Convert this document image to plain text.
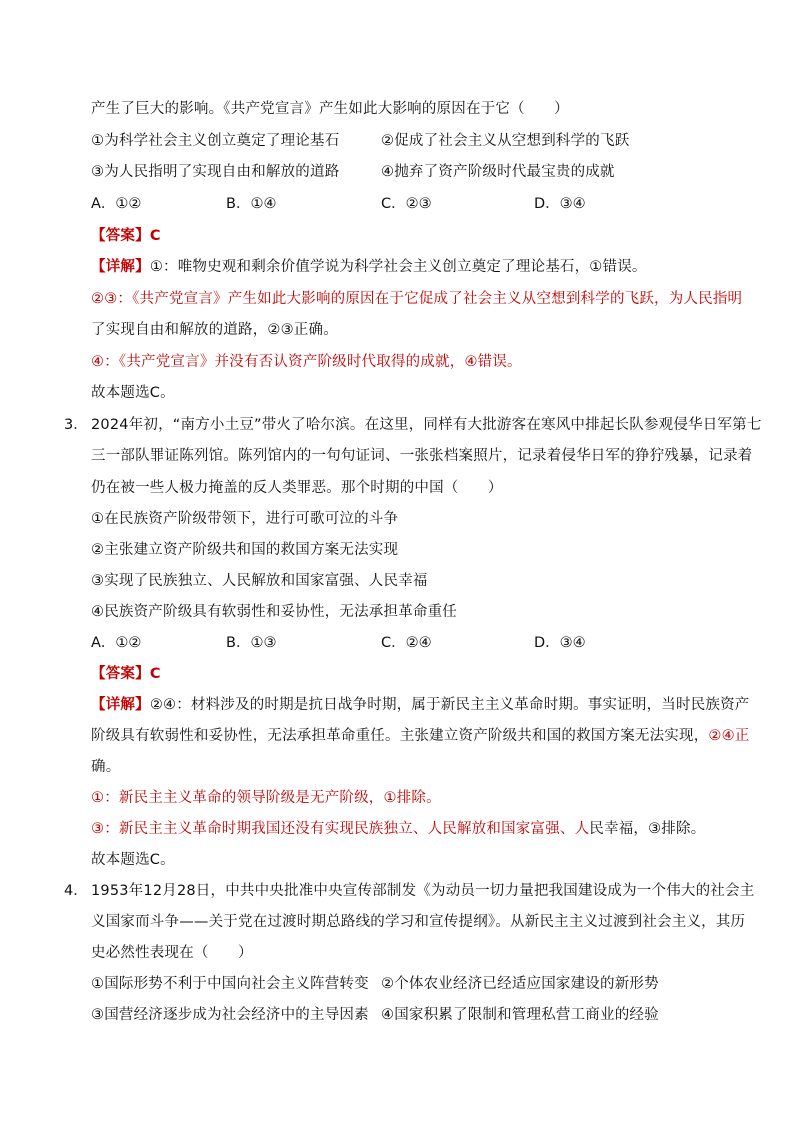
产生了巨大的影响。《共产党宣言》产生如此大影响的原因在于它（　　）
①为科学社会主义创立奠定了理论基石	②促成了社会主义从空想到科学的飞跃
③为人民指明了实现自由和解放的道路	④抛弃了资产阶级时代最宝贵的成就
A．①②	B．①④	C．②③	D．③④
【答案】C
【详解】①：唯物史观和剩余价值学说为科学社会主义创立奠定了理论基石，①错误。
②③：《共产党宣言》产生如此大影响的原因在于它促成了社会主义从空想到科学的飞跃，为人民指明
了实现自由和解放的道路，②③正确。
④：《共产党宣言》并没有否认资产阶级时代取得的成就，④错误。
故本题选C。
3． 2024年初，“南方小土豆”带火了哈尔滨。在这里，同样有大批游客在寒风中排起长队参观侵华日军第七
三一部队罪证陈列馆。陈列馆内的一句句证词、一张张档案照片，记录着侵华日军的狰狞残暴，记录着
仍在被一些人极力掩盖的反人类罪恶。那个时期的中国（　　）
①在民族资产阶级带领下，进行可歌可泣的斗争
②主张建立资产阶级共和国的救国方案无法实现
③实现了民族独立、人民解放和国家富强、人民幸福
④民族资产阶级具有软弱性和妥协性，无法承担革命重任
A．①②	B．①③	C．②④	D．③④
【答案】C
【详解】②④：材料涉及的时期是抗日战争时期，属于新民主主义革命时期。事实证明，当时民族资产
阶级具有软弱性和妥协性，无法承担革命重任。主张建立资产阶级共和国的救国方案无法实现，②④正
确。
①：新民主主义革命的领导阶级是无产阶级，①排除。
③：新民主主义革命时期我国还没有实现民族独立、人民解放和国家富强、人民幸福，③排除。
故本题选C。
4． 1953年12月28日，中共中央批准中央宣传部制发《为动员一切力量把我国建设成为一个伟大的社会主
义国家而斗争——关于党在过渡时期总路线的学习和宣传提纲》。从新民主主义过渡到社会主义，其历
史必然性表现在（　　）
①国际形势不利于中国向社会主义阵营转变 ②个体农业经济已经适应国家建设的新形势
③国营经济逐步成为社会经济中的主导因素 ④国家积累了限制和管理私营工商业的经验
